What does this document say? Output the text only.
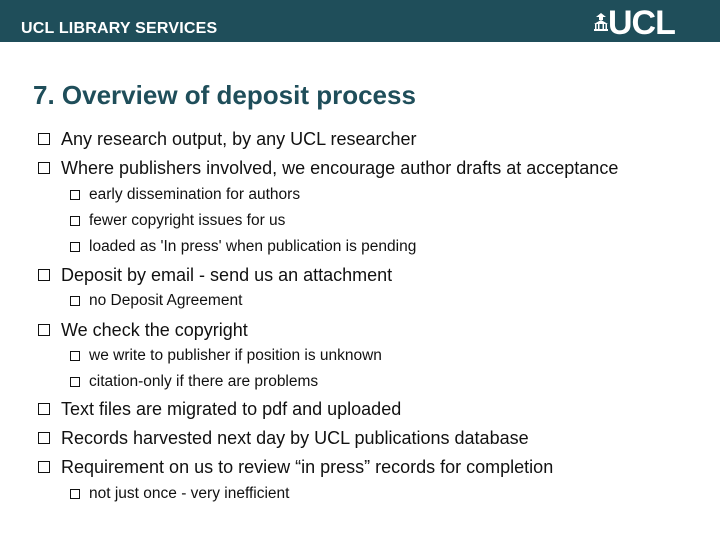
UCL LIBRARY SERVICES	UCL
7. Overview of deposit process
Any research output, by any UCL researcher
Where publishers involved, we encourage author drafts at acceptance
early dissemination for authors
fewer copyright issues for us
loaded as 'In press' when publication is pending
Deposit by email - send us an attachment
no Deposit Agreement
We check the copyright
we write to publisher if position is unknown
citation-only if there are problems
Text files are migrated to pdf and uploaded
Records harvested next day by UCL publications database
Requirement on us to review “in press” records for completion
not just once - very inefficient
